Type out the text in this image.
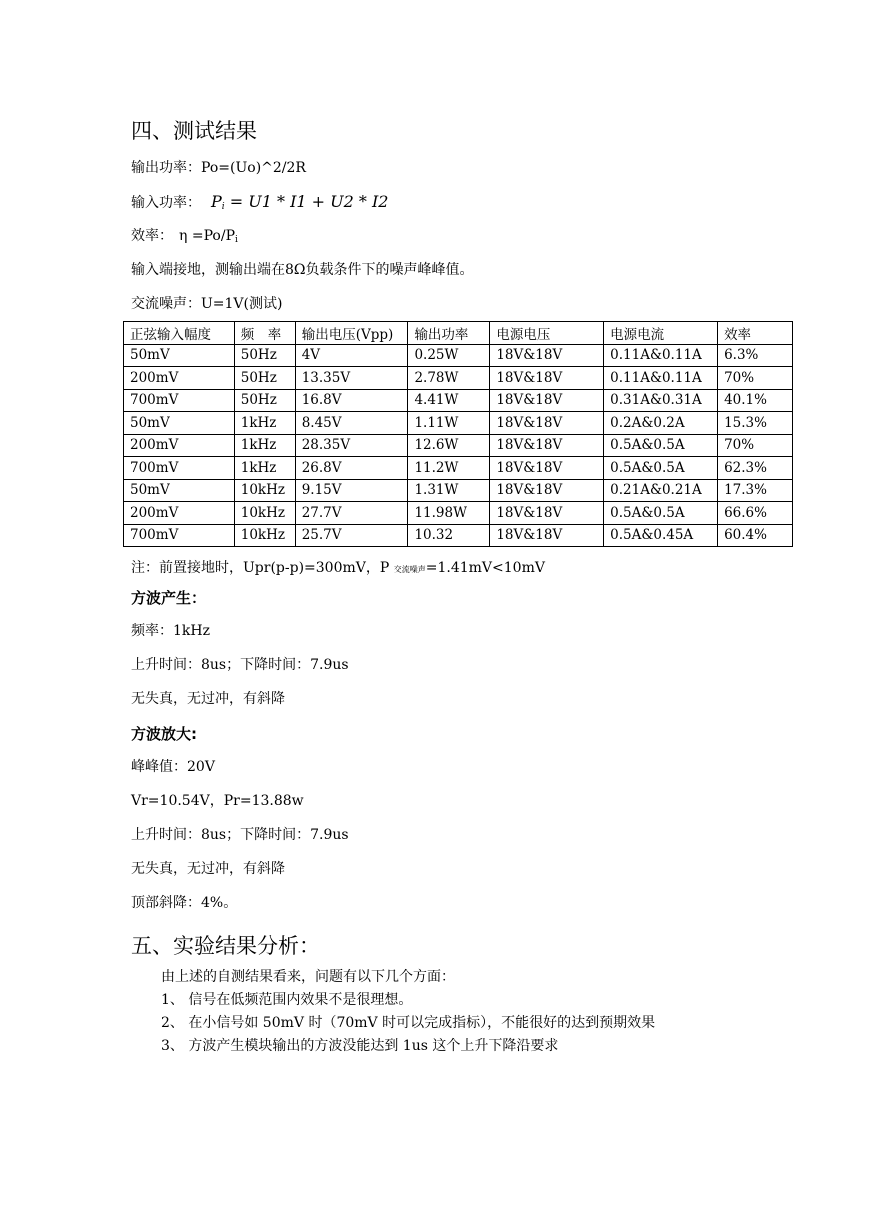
四、测试结果
输出功率：Po=(Uo)^2/2R
输入功率： $P_i = U1 * I1 + U2 * I2$
效率： $\eta =Po/P_i$
输入端接地，测输出端在8Ω负载条件下的噪声峰峰值。
交流噪声：U=1V(测试)
正弦输入幅度	频　率	输出电压(Vpp)	输出功率	电源电压	电源电流	效率
50mV	50Hz	4V	0.25W	18V&18V	0.11A&0.11A	6.3%
200mV	50Hz	13.35V	2.78W	18V&18V	0.11A&0.11A	70%
700mV	50Hz	16.8V	4.41W	18V&18V	0.31A&0.31A	40.1%
50mV	1kHz	8.45V	1.11W	18V&18V	0.2A&0.2A	15.3%
200mV	1kHz	28.35V	12.6W	18V&18V	0.5A&0.5A	70%
700mV	1kHz	26.8V	11.2W	18V&18V	0.5A&0.5A	62.3%
50mV	10kHz	9.15V	1.31W	18V&18V	0.21A&0.21A	17.3%
200mV	10kHz	27.7V	11.98W	18V&18V	0.5A&0.5A	66.6%
700mV	10kHz	25.7V	10.32	18V&18V	0.5A&0.45A	60.4%
注：前置接地时，Upr(p-p)=300mV，P 交流噪声=1.41mV<10mV
方波产生：
频率：1kHz
上升时间：8us；下降时间：7.9us
无失真，无过冲，有斜降
方波放大:
峰峰值：20V
Vr=10.54V，Pr=13.88w
上升时间：8us；下降时间：7.9us
无失真，无过冲，有斜降
顶部斜降：4%。
五、实验结果分析：
由上述的自测结果看来，问题有以下几个方面：
1、 信号在低频范围内效果不是很理想。
2、 在小信号如 50mV 时（70mV 时可以完成指标），不能很好的达到预期效果
3、 方波产生模块输出的方波没能达到 1us 这个上升下降沿要求
